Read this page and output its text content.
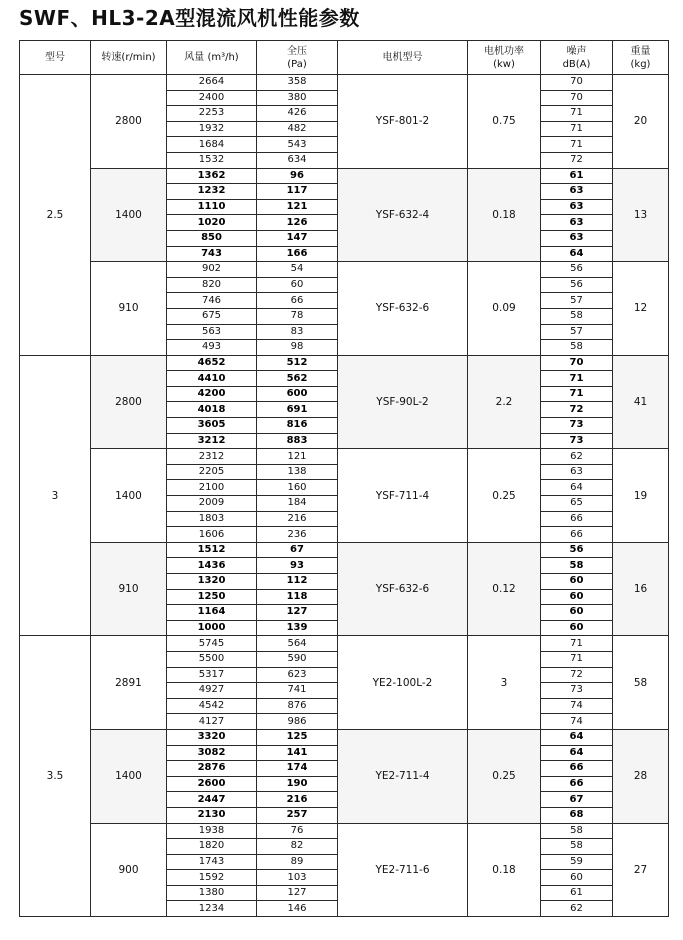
SWF、HL3-2A型混流风机性能参数
型号	转速(r/min)	风量 (m³/h)	全压
(Pa)	电机型号	电机功率
(kw)	噪声
dB(A)	重量
(kg)

2.5	2800	2664	358	YSF-801-2	0.75	70	20
		2400	380			70	
		2253	426			71	
		1932	482			71	
		1684	543			71	
		1532	634			72	
	1400	1362	96	YSF-632-4	0.18	61	13
		1232	117			63	
		1110	121			63	
		1020	126			63	
		850	147			63	
		743	166			64	
	910	902	54	YSF-632-6	0.09	56	12
		820	60			56	
		746	66			57	
		675	78			58	
		563	83			57	
		493	98			58	
3	2800	4652	512	YSF-90L-2	2.2	70	41
		4410	562			71	
		4200	600			71	
		4018	691			72	
		3605	816			73	
		3212	883			73	
	1400	2312	121	YSF-711-4	0.25	62	19
		2205	138			63	
		2100	160			64	
		2009	184			65	
		1803	216			66	
		1606	236			66	
	910	1512	67	YSF-632-6	0.12	56	16
		1436	93			58	
		1320	112			60	
		1250	118			60	
		1164	127			60	
		1000	139			60	
3.5	2891	5745	564	YE2-100L-2	3	71	58
		5500	590			71	
		5317	623			72	
		4927	741			73	
		4542	876			74	
		4127	986			74	
	1400	3320	125	YE2-711-4	0.25	64	28
		3082	141			64	
		2876	174			66	
		2600	190			66	
		2447	216			67	
		2130	257			68	
	900	1938	76	YE2-711-6	0.18	58	27
		1820	82			58	
		1743	89			59	
		1592	103			60	
		1380	127			61	
		1234	146			62	
